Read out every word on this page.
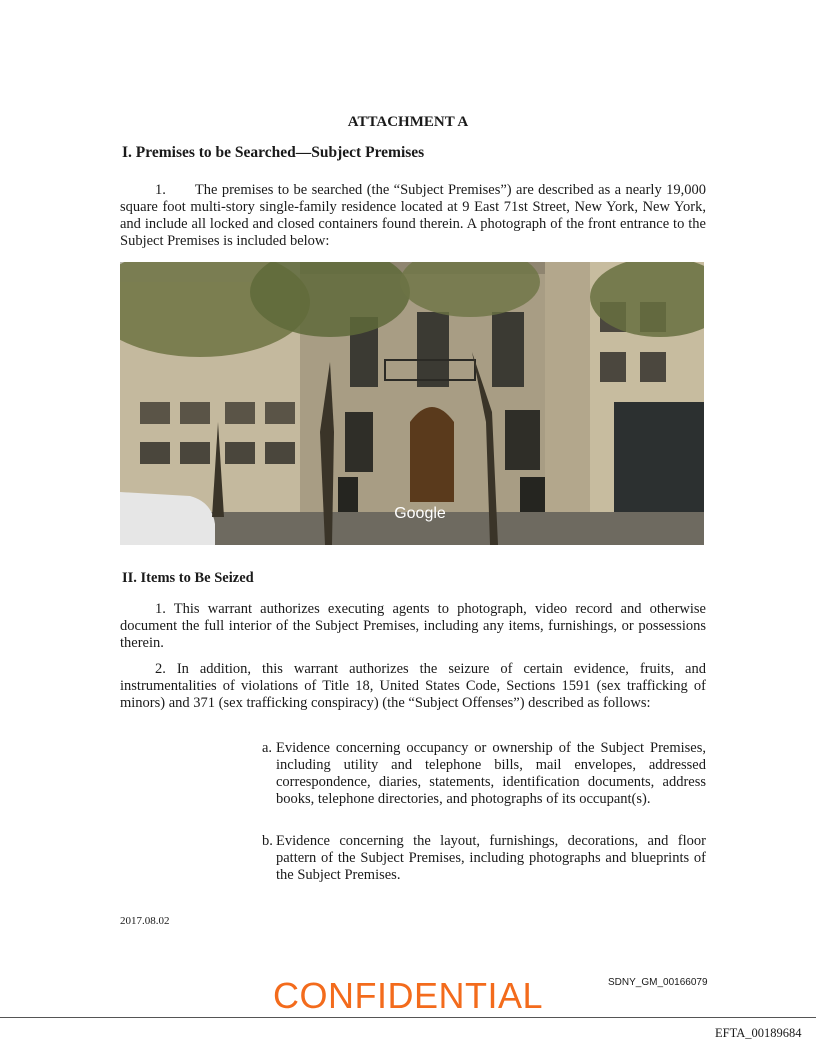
ATTACHMENT A
I. Premises to be Searched—Subject Premises
1.  The premises to be searched (the “Subject Premises”) are described as a nearly 19,000 square foot multi-story single-family residence located at 9 East 71st Street, New York, New York, and include all locked and closed containers found therein. A photograph of the front entrance to the Subject Premises is included below:
Google
II. Items to Be Seized
1. This warrant authorizes executing agents to photograph, video record and otherwise document the full interior of the Subject Premises, including any items, furnishings, or possessions therein.
2. In addition, this warrant authorizes the seizure of certain evidence, fruits, and instrumentalities of violations of Title 18, United States Code, Sections 1591 (sex trafficking of minors) and 371 (sex trafficking conspiracy) (the “Subject Offenses”) described as follows:
a. Evidence concerning occupancy or ownership of the Subject Premises, including utility and telephone bills, mail envelopes, addressed correspondence, diaries, statements, identification documents, address books, telephone directories, and photographs of its occupant(s).
b. Evidence concerning the layout, furnishings, decorations, and floor pattern of the Subject Premises, including photographs and blueprints of the Subject Premises.
2017.08.02
CONFIDENTIAL	SDNY_GM_00166079
EFTA_00189684
